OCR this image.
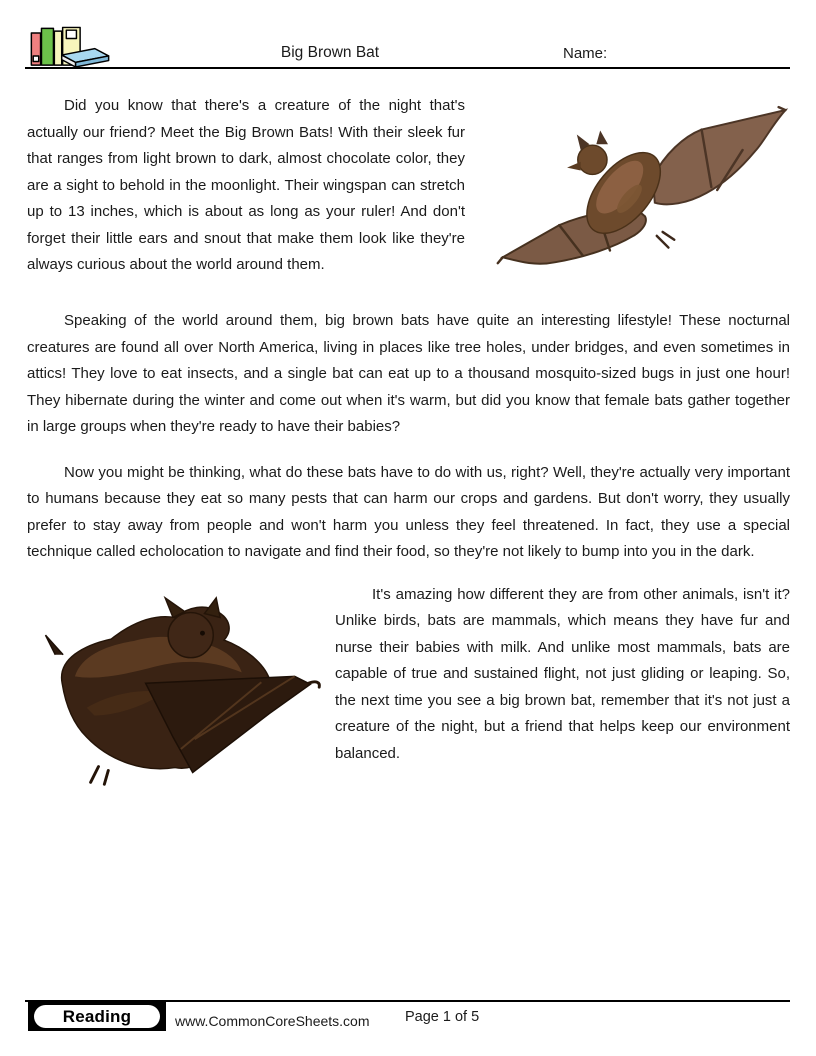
Big Brown Bat	Name:

Did you know that there's a creature of the night that's actually our friend? Meet the Big Brown Bats! With their sleek fur that ranges from light brown to dark, almost chocolate color, they are a sight to behold in the moonlight. Their wingspan can stretch up to 13 inches, which is about as long as your ruler! And don't forget their little ears and snout that make them look like they're always curious about the world around them.

Speaking of the world around them, big brown bats have quite an interesting lifestyle! These nocturnal creatures are found all over North America, living in places like tree holes, under bridges, and even sometimes in attics! They love to eat insects, and a single bat can eat up to a thousand mosquito-sized bugs in just one hour! They hibernate during the winter and come out when it's warm, but did you know that female bats gather together in large groups when they're ready to have their babies?

Now you might be thinking, what do these bats have to do with us, right? Well, they're actually very important to humans because they eat so many pests that can harm our crops and gardens. But don't worry, they usually prefer to stay away from people and won't harm you unless they feel threatened. In fact, they use a special technique called echolocation to navigate and find their food, so they're not likely to bump into you in the dark.

It's amazing how different they are from other animals, isn't it? Unlike birds, bats are mammals, which means they have fur and nurse their babies with milk. And unlike most mammals, bats are capable of true and sustained flight, not just gliding or leaping. So, the next time you see a big brown bat, remember that it's not just a creature of the night, but a friend that helps keep our environment balanced.

Reading	www.CommonCoreSheets.com Page 1 of 5
